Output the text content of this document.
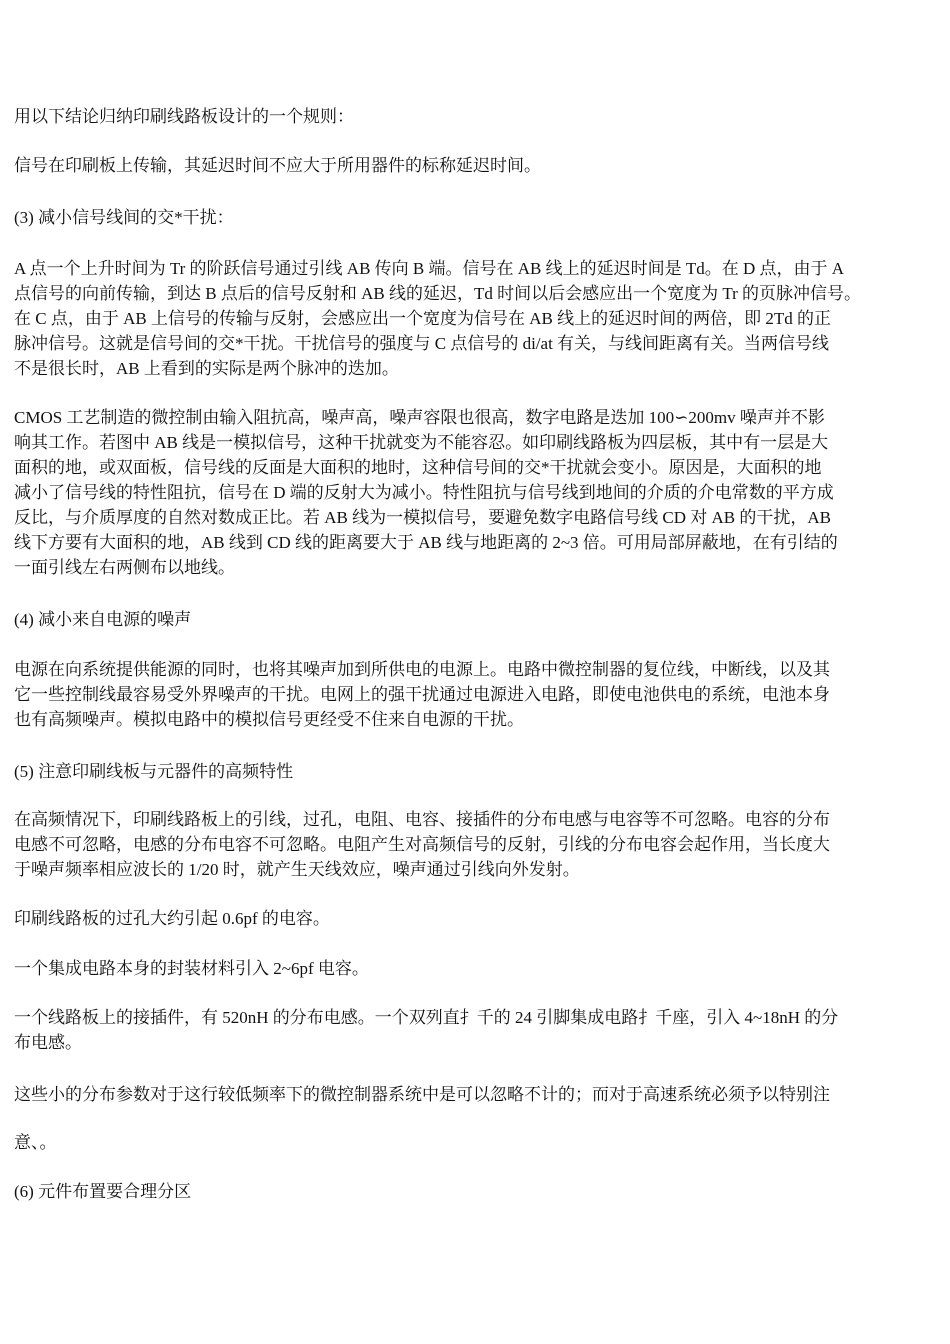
用以下结论归纳印刷线路板设计的一个规则：
信号在印刷板上传输，其延迟时间不应大于所用器件的标称延迟时间。
(3) 减小信号线间的交*干扰：
A 点一个上升时间为 Tr 的阶跃信号通过引线 AB 传向 B 端。信号在 AB 线上的延迟时间是 Td。在 D 点，由于 A
点信号的向前传输，到达 B 点后的信号反射和 AB 线的延迟，Td 时间以后会感应出一个宽度为 Tr 的页脉冲信号。
在 C 点，由于 AB 上信号的传输与反射，会感应出一个宽度为信号在 AB 线上的延迟时间的两倍，即 2Td 的正
脉冲信号。这就是信号间的交*干扰。干扰信号的强度与 C 点信号的 di/at 有关，与线间距离有关。当两信号线
不是很长时，AB 上看到的实际是两个脉冲的迭加。
CMOS 工艺制造的微控制由输入阻抗高，噪声高，噪声容限也很高，数字电路是迭加 100∽200mv 噪声并不影
响其工作。若图中 AB 线是一模拟信号，这种干扰就变为不能容忍。如印刷线路板为四层板，其中有一层是大
面积的地，或双面板，信号线的反面是大面积的地时，这种信号间的交*干扰就会变小。原因是，大面积的地
减小了信号线的特性阻抗，信号在 D 端的反射大为减小。特性阻抗与信号线到地间的介质的介电常数的平方成
反比，与介质厚度的自然对数成正比。若 AB 线为一模拟信号，要避免数字电路信号线 CD 对 AB 的干扰，AB
线下方要有大面积的地，AB 线到 CD 线的距离要大于 AB 线与地距离的 2~3 倍。可用局部屏蔽地，在有引结的
一面引线左右两侧布以地线。
(4) 减小来自电源的噪声
电源在向系统提供能源的同时，也将其噪声加到所供电的电源上。电路中微控制器的复位线，中断线，以及其
它一些控制线最容易受外界噪声的干扰。电网上的强干扰通过电源进入电路，即使电池供电的系统，电池本身
也有高频噪声。模拟电路中的模拟信号更经受不住来自电源的干扰。
(5) 注意印刷线板与元器件的高频特性
在高频情况下，印刷线路板上的引线，过孔，电阻、电容、接插件的分布电感与电容等不可忽略。电容的分布
电感不可忽略，电感的分布电容不可忽略。电阻产生对高频信号的反射，引线的分布电容会起作用，当长度大
于噪声频率相应波长的 1/20 时，就产生天线效应，噪声通过引线向外发射。
印刷线路板的过孔大约引起 0.6pf 的电容。
一个集成电路本身的封装材料引入 2~6pf 电容。
一个线路板上的接插件，有 520nH 的分布电感。一个双列直扌千的 24 引脚集成电路扌千座，引入 4~18nH 的分
布电感。
这些小的分布参数对于这行较低频率下的微控制器系统中是可以忽略不计的；而对于高速系统必须予以特别注
意、。
(6) 元件布置要合理分区
